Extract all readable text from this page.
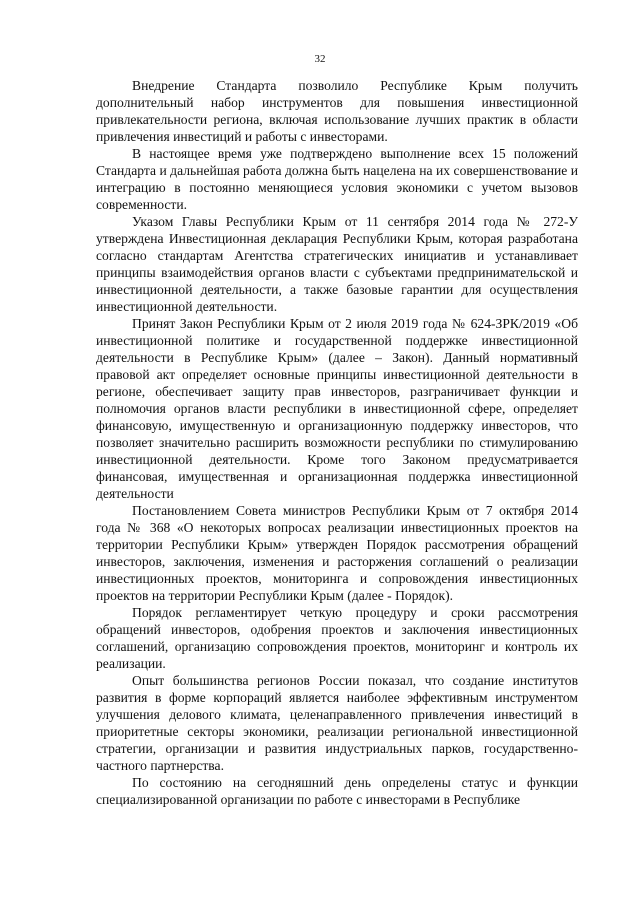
32

Внедрение Стандарта позволило Республике Крым получить дополнительный набор инструментов для повышения инвестиционной привлекательности региона, включая использование лучших практик в области привлечения инвестиций и работы с инвесторами.

В настоящее время уже подтверждено выполнение всех 15 положений Стандарта и дальнейшая работа должна быть нацелена на их совершенствование и интеграцию в постоянно меняющиеся условия экономики с учетом вызовов современности.

Указом Главы Республики Крым от 11 сентября 2014 года № 272-У утверждена Инвестиционная декларация Республики Крым, которая разработана согласно стандартам Агентства стратегических инициатив и устанавливает принципы взаимодействия органов власти с субъектами предпринимательской и инвестиционной деятельности, а также базовые гарантии для осуществления инвестиционной деятельности.

Принят Закон Республики Крым от 2 июля 2019 года № 624-ЗРК/2019 «Об инвестиционной политике и государственной поддержке инвестиционной деятельности в Республике Крым» (далее – Закон). Данный нормативный правовой акт определяет основные принципы инвестиционной деятельности в регионе, обеспечивает защиту прав инвесторов, разграничивает функции и полномочия органов власти республики в инвестиционной сфере, определяет финансовую, имущественную и организационную поддержку инвесторов, что позволяет значительно расширить возможности республики по стимулированию инвестиционной деятельности. Кроме того Законом предусматривается финансовая, имущественная и организационная поддержка инвестиционной деятельности

Постановлением Совета министров Республики Крым от 7 октября 2014 года № 368 «О некоторых вопросах реализации инвестиционных проектов на территории Республики Крым» утвержден Порядок рассмотрения обращений инвесторов, заключения, изменения и расторжения соглашений о реализации инвестиционных проектов, мониторинга и сопровождения инвестиционных проектов на территории Республики Крым (далее - Порядок).

Порядок регламентирует четкую процедуру и сроки рассмотрения обращений инвесторов, одобрения проектов и заключения инвестиционных соглашений, организацию сопровождения проектов, мониторинг и контроль их реализации.

Опыт большинства регионов России показал, что создание институтов развития в форме корпораций является наиболее эффективным инструментом улучшения делового климата, целенаправленного привлечения инвестиций в приоритетные секторы экономики, реализации региональной инвестиционной стратегии, организации и развития индустриальных парков, государственно-частного партнерства.

По состоянию на сегодняшний день определены статус и функции специализированной организации по работе с инвесторами в Республике
